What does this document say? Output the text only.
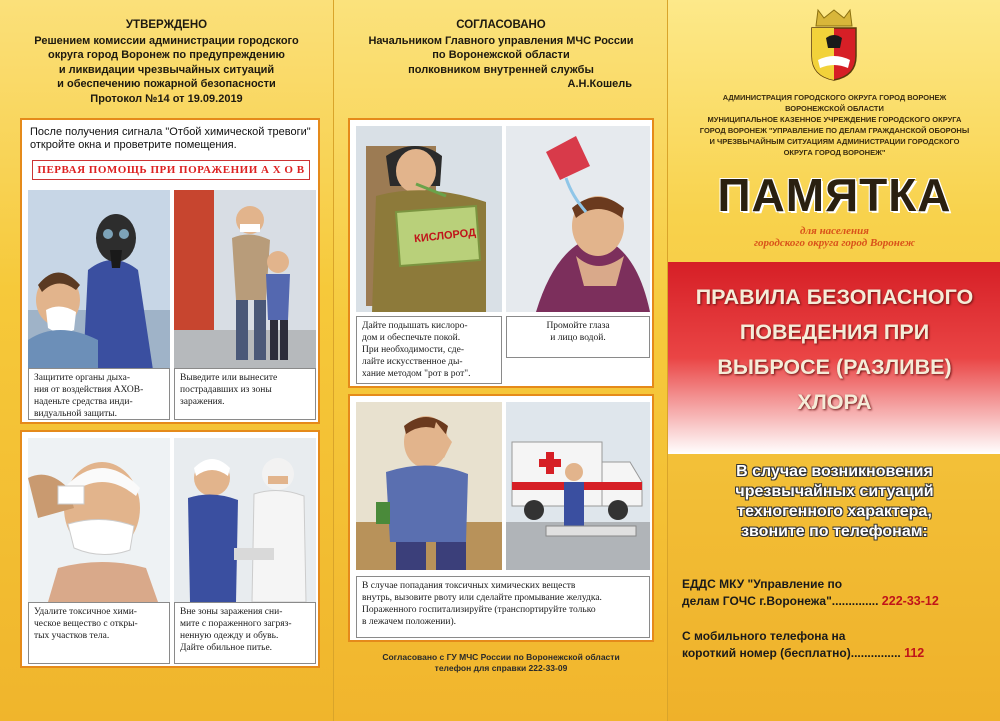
УТВЕРЖДЕНО
Решением комиссии администрации городского
округа город Воронеж по предупреждению
и ликвидации чрезвычайных ситуаций
и обеспечению пожарной безопасности
Протокол №14 от 19.09.2019
После получения сигнала "Отбой химической тревоги"
откройте окна и проветрите помещения.
ПЕРВАЯ ПОМОЩЬ ПРИ ПОРАЖЕНИИ А Х О В
Защитите органы дыха-
ния от воздействия АХОВ-
наденьте средства инди-
видуальной защиты.
Выведите или вынесите
пострадавших из зоны
заражения.
Удалите токсичное хими-
ческое вещество с откры-
тых участков тела.
Вне зоны заражения сни-
мите с пораженного загряз-
ненную одежду и обувь.
Дайте обильное питье.
СОГЛАСОВАНО
Начальником Главного управления МЧС России
по Воронежской области
полковником внутренней службы
А.Н.Кошель
КИСЛОРОД
Дайте подышать кислоро-
дом и обеспечьте покой.
При необходимости, сде-
лайте искусственное ды-
хание методом "рот в рот".
Промойте глаза
и лицо водой.
В случае попадания токсичных химических веществ
внутрь, вызовите рвоту или сделайте промывание желудка.
Пораженного госпитализируйте (транспортируйте только
в лежачем положении).
Согласовано с ГУ МЧС России по Воронежской области
телефон для справки 222-33-09
АДМИНИСТРАЦИЯ ГОРОДСКОГО ОКРУГА ГОРОД ВОРОНЕЖ
ВОРОНЕЖСКОЙ ОБЛАСТИ
МУНИЦИПАЛЬНОЕ КАЗЕННОЕ УЧРЕЖДЕНИЕ ГОРОДСКОГО ОКРУГА
ГОРОД ВОРОНЕЖ "УПРАВЛЕНИЕ ПО ДЕЛАМ ГРАЖДАНСКОЙ ОБОРОНЫ
И ЧРЕЗВЫЧАЙНЫМ СИТУАЦИЯМ АДМИНИСТРАЦИИ ГОРОДСКОГО
ОКРУГА ГОРОД ВОРОНЕЖ"
ПАМЯТКА
для населения
городского округа город Воронеж
ПРАВИЛА БЕЗОПАСНОГО
ПОВЕДЕНИЯ ПРИ
ВЫБРОСЕ (РАЗЛИВЕ)
ХЛОРА
В случае возникновения
чрезвычайных ситуаций
техногенного характера,
звоните по телефонам:
ЕДДС МКУ "Управление по
делам ГОЧС г.Воронежа".............. 222-33-12
С мобильного телефона на
короткий номер (бесплатно)............... 112
